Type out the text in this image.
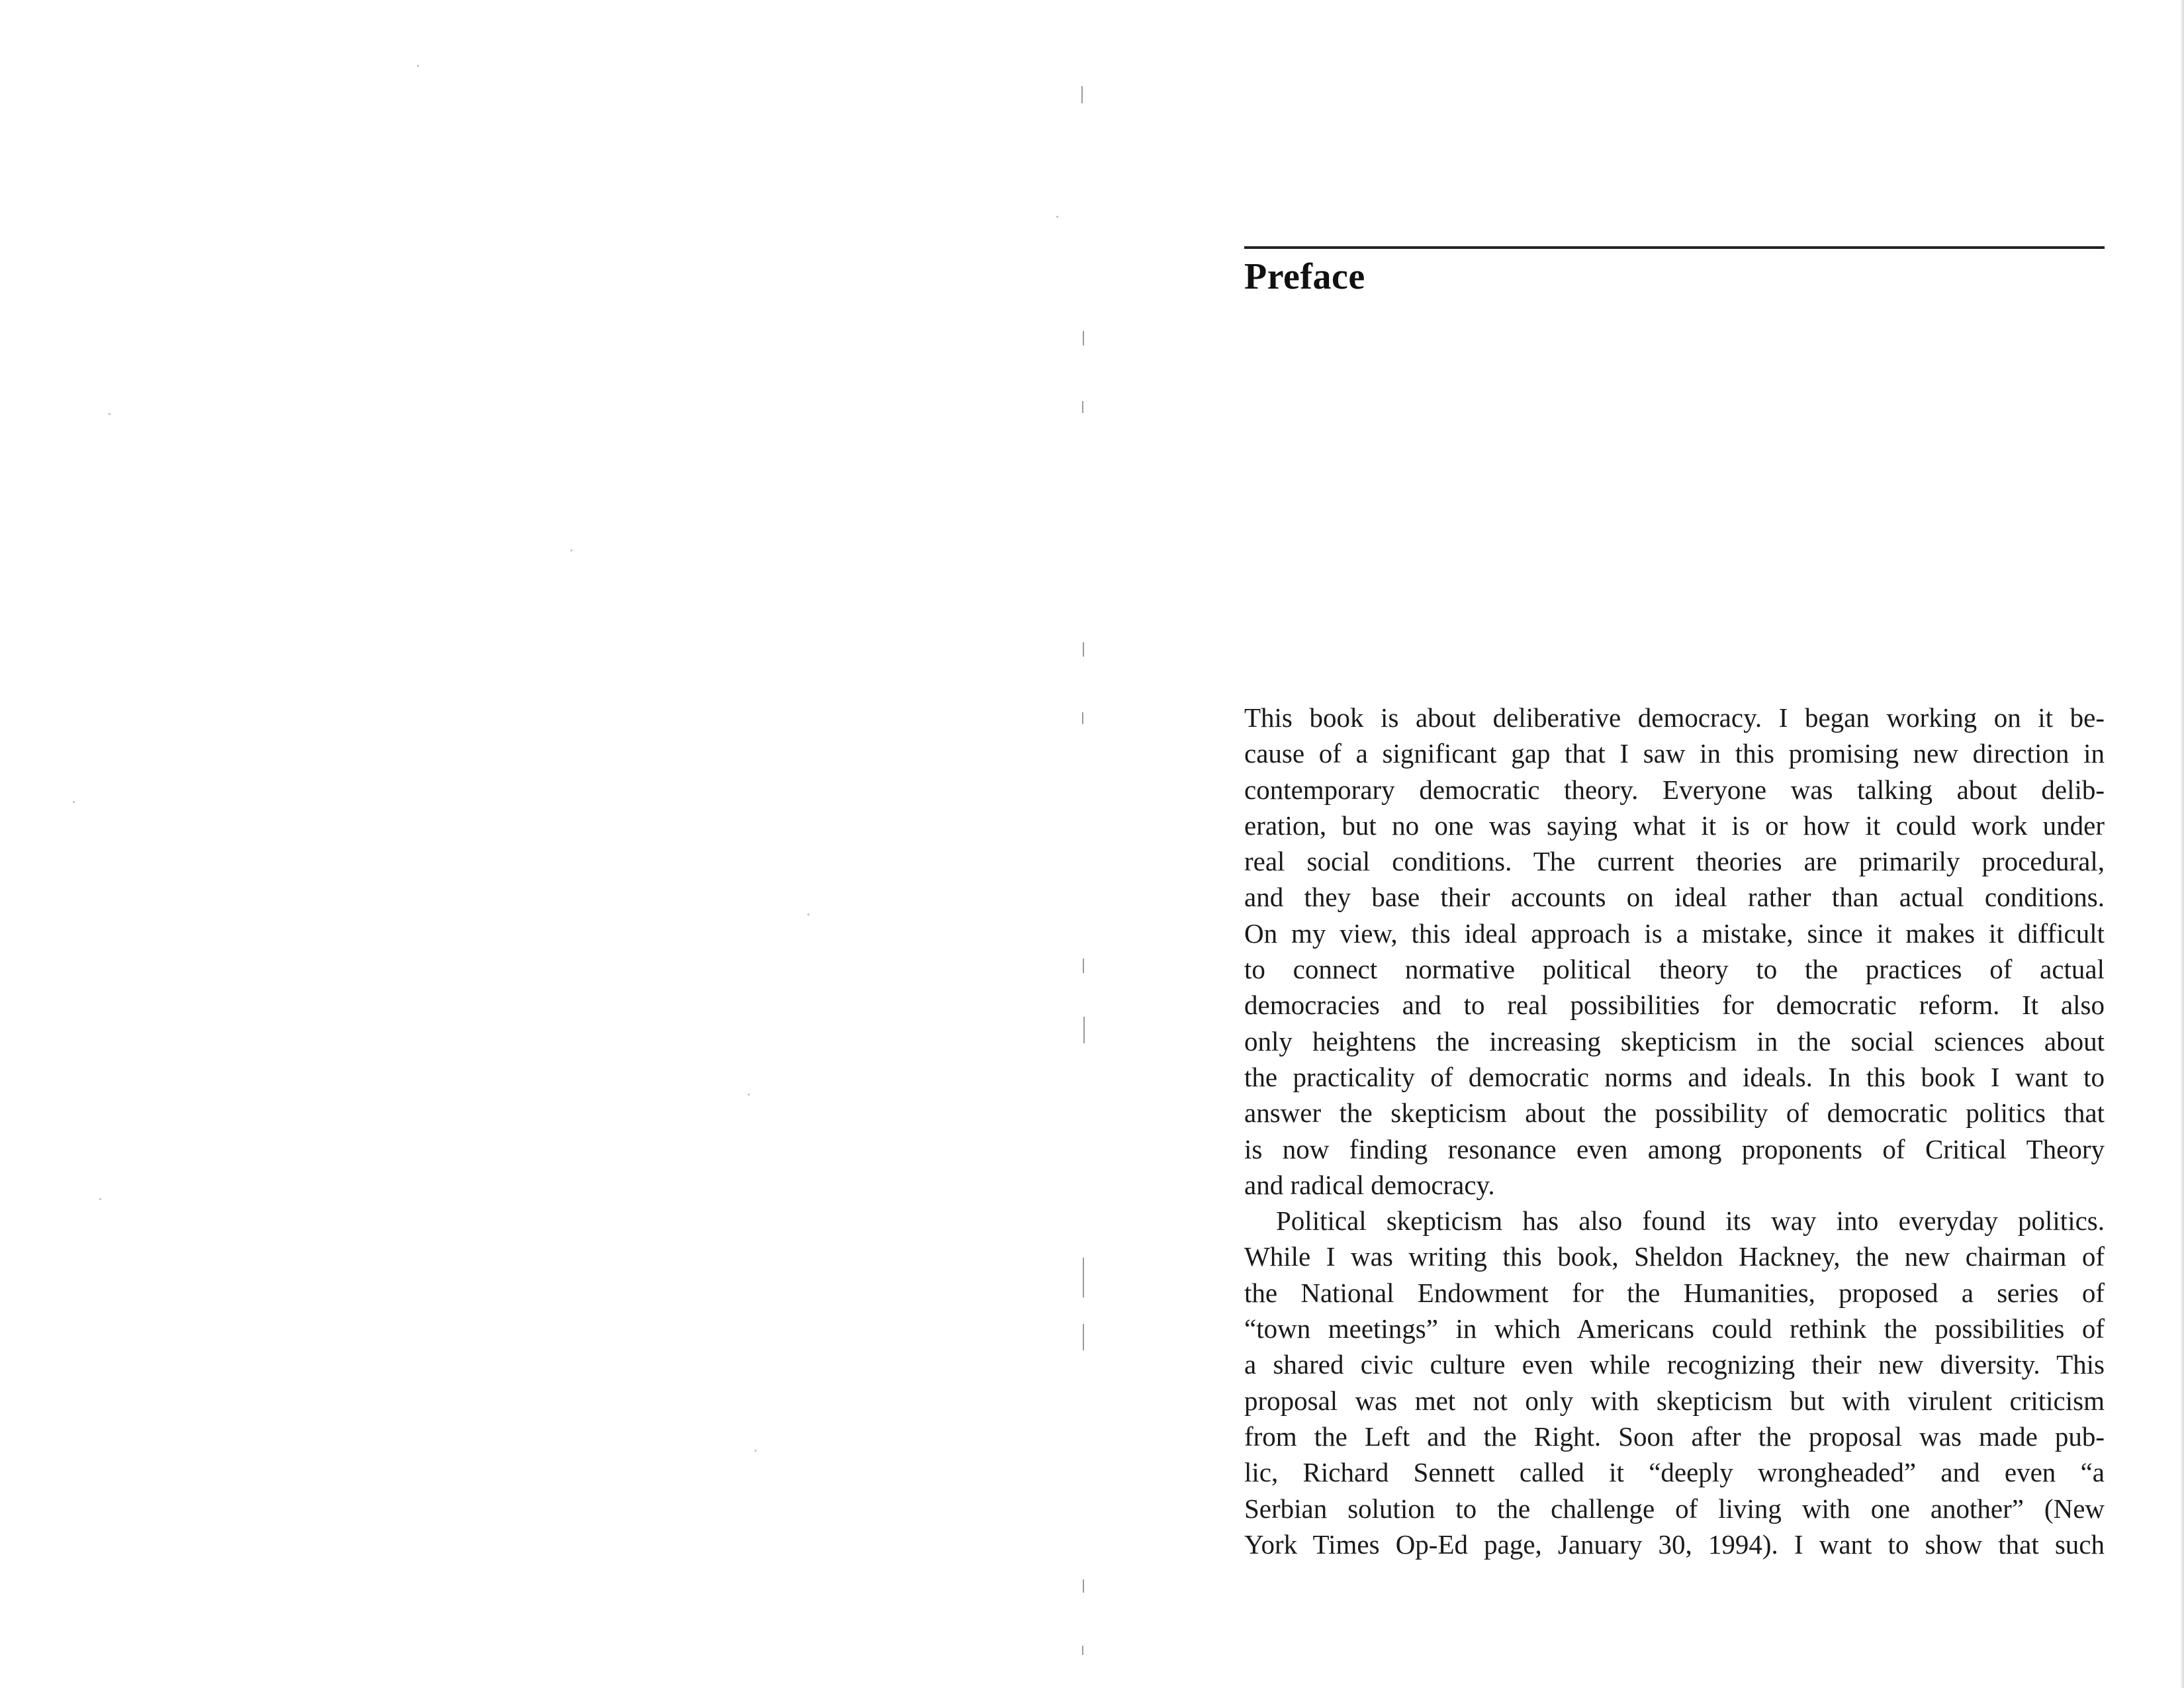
Preface
This book is about deliberative democracy. I began working on it be-
cause of a significant gap that I saw in this promising new direction in
contemporary democratic theory. Everyone was talking about delib-
eration, but no one was saying what it is or how it could work under
real social conditions. The current theories are primarily procedural,
and they base their accounts on ideal rather than actual conditions.
On my view, this ideal approach is a mistake, since it makes it difficult
to connect normative political theory to the practices of actual
democracies and to real possibilities for democratic reform. It also
only heightens the increasing skepticism in the social sciences about
the practicality of democratic norms and ideals. In this book I want to
answer the skepticism about the possibility of democratic politics that
is now finding resonance even among proponents of Critical Theory
and radical democracy.
Political skepticism has also found its way into everyday politics.
While I was writing this book, Sheldon Hackney, the new chairman of
the National Endowment for the Humanities, proposed a series of
“town meetings” in which Americans could rethink the possibilities of
a shared civic culture even while recognizing their new diversity. This
proposal was met not only with skepticism but with virulent criticism
from the Left and the Right. Soon after the proposal was made pub-
lic, Richard Sennett called it “deeply wrongheaded” and even “a
Serbian solution to the challenge of living with one another” (New
York Times Op-Ed page, January 30, 1994). I want to show that such
